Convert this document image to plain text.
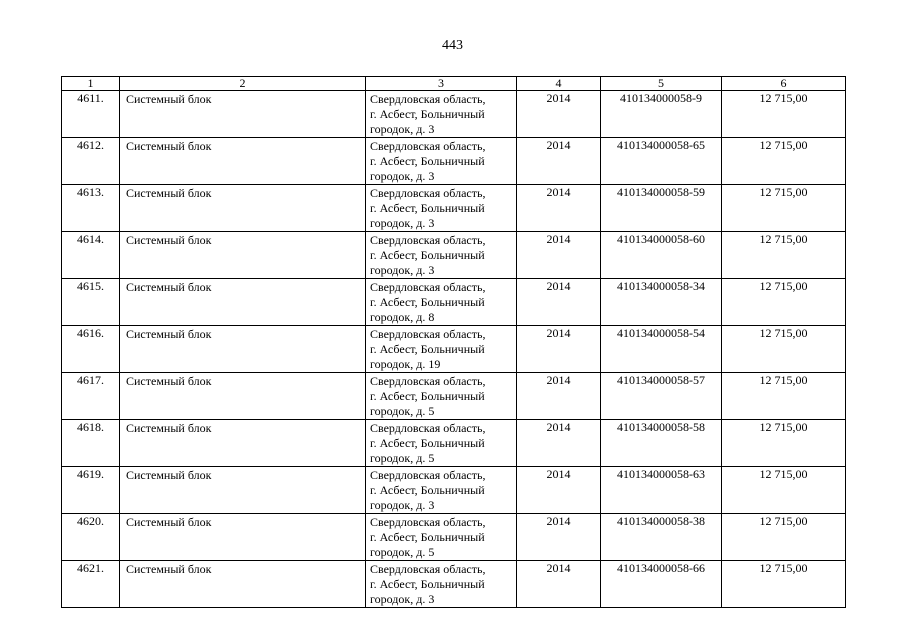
443
1	2	3	4	5	6
4611.	Системный блок	Свердловская область,
г. Асбест, Больничный
городок, д. 3	2014	410134000058-9	12 715,00
4612.	Системный блок	Свердловская область,
г. Асбест, Больничный
городок, д. 3	2014	410134000058-65	12 715,00
4613.	Системный блок	Свердловская область,
г. Асбест, Больничный
городок, д. 3	2014	410134000058-59	12 715,00
4614.	Системный блок	Свердловская область,
г. Асбест, Больничный
городок, д. 3	2014	410134000058-60	12 715,00
4615.	Системный блок	Свердловская область,
г. Асбест, Больничный
городок, д. 8	2014	410134000058-34	12 715,00
4616.	Системный блок	Свердловская область,
г. Асбест, Больничный
городок, д. 19	2014	410134000058-54	12 715,00
4617.	Системный блок	Свердловская область,
г. Асбест, Больничный
городок, д. 5	2014	410134000058-57	12 715,00
4618.	Системный блок	Свердловская область,
г. Асбест, Больничный
городок, д. 5	2014	410134000058-58	12 715,00
4619.	Системный блок	Свердловская область,
г. Асбест, Больничный
городок, д. 3	2014	410134000058-63	12 715,00
4620.	Системный блок	Свердловская область,
г. Асбест, Больничный
городок, д. 5	2014	410134000058-38	12 715,00
4621.	Системный блок	Свердловская область,
г. Асбест, Больничный
городок, д. 3	2014	410134000058-66	12 715,00
